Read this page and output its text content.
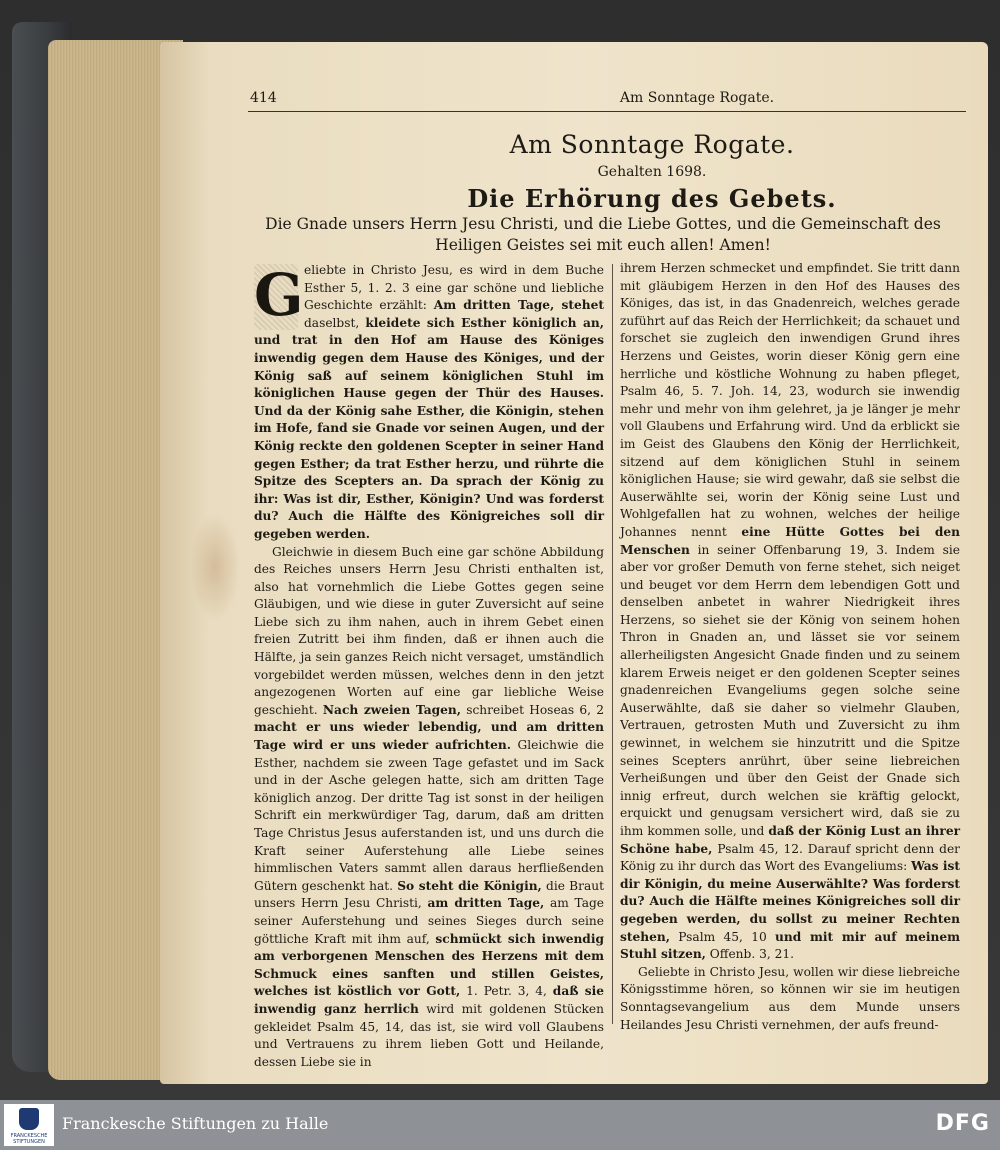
414	Am Sonntage Rogate.
Am Sonntage Rogate.
Gehalten 1698.
Die Erhörung des Gebets.
Die Gnade unsers Herrn Jesu Christi, und die Liebe Gottes, und die Gemeinschaft des Heiligen Geistes sei mit euch allen! Amen!

G eliebte in Christo Jesu, es wird in dem Buche Esther 5, 1. 2. 3 eine gar schöne und liebliche Geschichte erzählt: Am dritten Tage, stehet daselbst, kleidete sich Esther königlich an, und trat in den Hof am Hause des Königes inwendig gegen dem Hause des Königes, und der König saß auf seinem königlichen Stuhl im königlichen Hause gegen der Thür des Hauses. Und da der König sahe Esther, die Königin, stehen im Hofe, fand sie Gnade vor seinen Augen, und der König reckte den goldenen Scepter in seiner Hand gegen Esther; da trat Esther herzu, und rührte die Spitze des Scepters an. Da sprach der König zu ihr: Was ist dir, Esther, Königin? Und was forderst du? Auch die Hälfte des Königreiches soll dir gegeben werden.

Gleichwie in diesem Buch eine gar schöne Abbildung des Reiches unsers Herrn Jesu Christi enthalten ist, also hat vornehmlich die Liebe Gottes gegen seine Gläubigen, und wie diese in guter Zuversicht auf seine Liebe sich zu ihm nahen, auch in ihrem Gebet einen freien Zutritt bei ihm finden, daß er ihnen auch die Hälfte, ja sein ganzes Reich nicht versaget, umständlich vorgebildet werden müssen, welches denn in den jetzt angezogenen Worten auf eine gar liebliche Weise geschieht. Nach zweien Tagen, schreibet Hoseas 6, 2 macht er uns wieder lebendig, und am dritten Tage wird er uns wieder aufrichten. Gleichwie die Esther, nachdem sie zween Tage gefastet und im Sack und in der Asche gelegen hatte, sich am dritten Tage königlich anzog. Der dritte Tag ist sonst in der heiligen Schrift ein merkwürdiger Tag, darum, daß am dritten Tage Christus Jesus auferstanden ist, und uns durch die Kraft seiner Auferstehung alle Liebe seines himmlischen Vaters sammt allen daraus herfließenden Gütern geschenkt hat. So steht die Königin, die Braut unsers Herrn Jesu Christi, am dritten Tage, am Tage seiner Auferstehung und seines Sieges durch seine göttliche Kraft mit ihm auf, schmückt sich inwendig am verborgenen Menschen des Herzens mit dem Schmuck eines sanften und stillen Geistes, welches ist köstlich vor Gott, 1. Petr. 3, 4, daß sie inwendig ganz herrlich wird mit goldenen Stücken gekleidet Psalm 45, 14, das ist, sie wird voll Glaubens und Vertrauens zu ihrem lieben Gott und Heilande, dessen Liebe sie in

ihrem Herzen schmecket und empfindet. Sie tritt dann mit gläubigem Herzen in den Hof des Hauses des Königes, das ist, in das Gnadenreich, welches gerade zuführt auf das Reich der Herrlichkeit; da schauet und forschet sie zugleich den inwendigen Grund ihres Herzens und Geistes, worin dieser König gern eine herrliche und köstliche Wohnung zu haben pfleget, Psalm 46, 5. 7. Joh. 14, 23, wodurch sie inwendig mehr und mehr von ihm gelehret, ja je länger je mehr voll Glaubens und Erfahrung wird. Und da erblickt sie im Geist des Glaubens den König der Herrlichkeit, sitzend auf dem königlichen Stuhl in seinem königlichen Hause; sie wird gewahr, daß sie selbst die Auserwählte sei, worin der König seine Lust und Wohlgefallen hat zu wohnen, welches der heilige Johannes nennt eine Hütte Gottes bei den Menschen in seiner Offenbarung 19, 3. Indem sie aber vor großer Demuth von ferne stehet, sich neiget und beuget vor dem Herrn dem lebendigen Gott und denselben anbetet in wahrer Niedrigkeit ihres Herzens, so siehet sie der König von seinem hohen Thron in Gnaden an, und lässet sie vor seinem allerheiligsten Angesicht Gnade finden und zu seinem klarem Erweis neiget er den goldenen Scepter seines gnadenreichen Evangeliums gegen solche seine Auserwählte, daß sie daher so vielmehr Glauben, Vertrauen, getrosten Muth und Zuversicht zu ihm gewinnet, in welchem sie hinzutritt und die Spitze seines Scepters anrührt, über seine liebreichen Verheißungen und über den Geist der Gnade sich innig erfreut, durch welchen sie kräftig gelockt, erquickt und genugsam versichert wird, daß sie zu ihm kommen solle, und daß der König Lust an ihrer Schöne habe, Psalm 45, 12. Darauf spricht denn der König zu ihr durch das Wort des Evangeliums: Was ist dir Königin, du meine Auserwählte? Was forderst du? Auch die Hälfte meines Königreiches soll dir gegeben werden, du sollst zu meiner Rechten stehen, Psalm 45, 10 und mit mir auf meinem Stuhl sitzen, Offenb. 3, 21.

Geliebte in Christo Jesu, wollen wir diese liebreiche Königsstimme hören, so können wir sie im heutigen Sonntagsevangelium aus dem Munde unsers Heilandes Jesu Christi vernehmen, der aufs freund-

FRANCKESCHE STIFTUNGEN
Franckesche Stiftungen zu Halle	DFG
